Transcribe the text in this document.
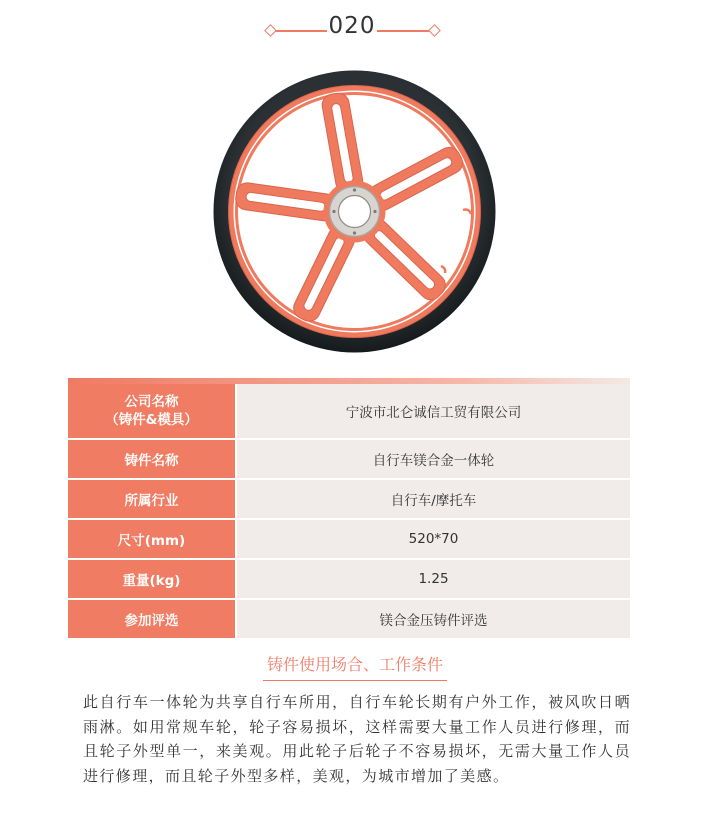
020
公司名称
（铸件&模具）	宁波市北仑诚信工贸有限公司
铸件名称	自行车镁合金一体轮
所属行业	自行车/摩托车
尺寸(mm)	520*70
重量(kg)	1.25
参加评选	镁合金压铸件评选
铸件使用场合、工作条件

此自行车一体轮为共享自行车所用，自行车轮长期有户外工作，被风吹日晒雨淋。如用常规车轮，轮子容易损坏，这样需要大量工作人员进行修理，而且轮子外型单一，来美观。用此轮子后轮子不容易损坏，无需大量工作人员进行修理，而且轮子外型多样，美观，为城市增加了美感。
